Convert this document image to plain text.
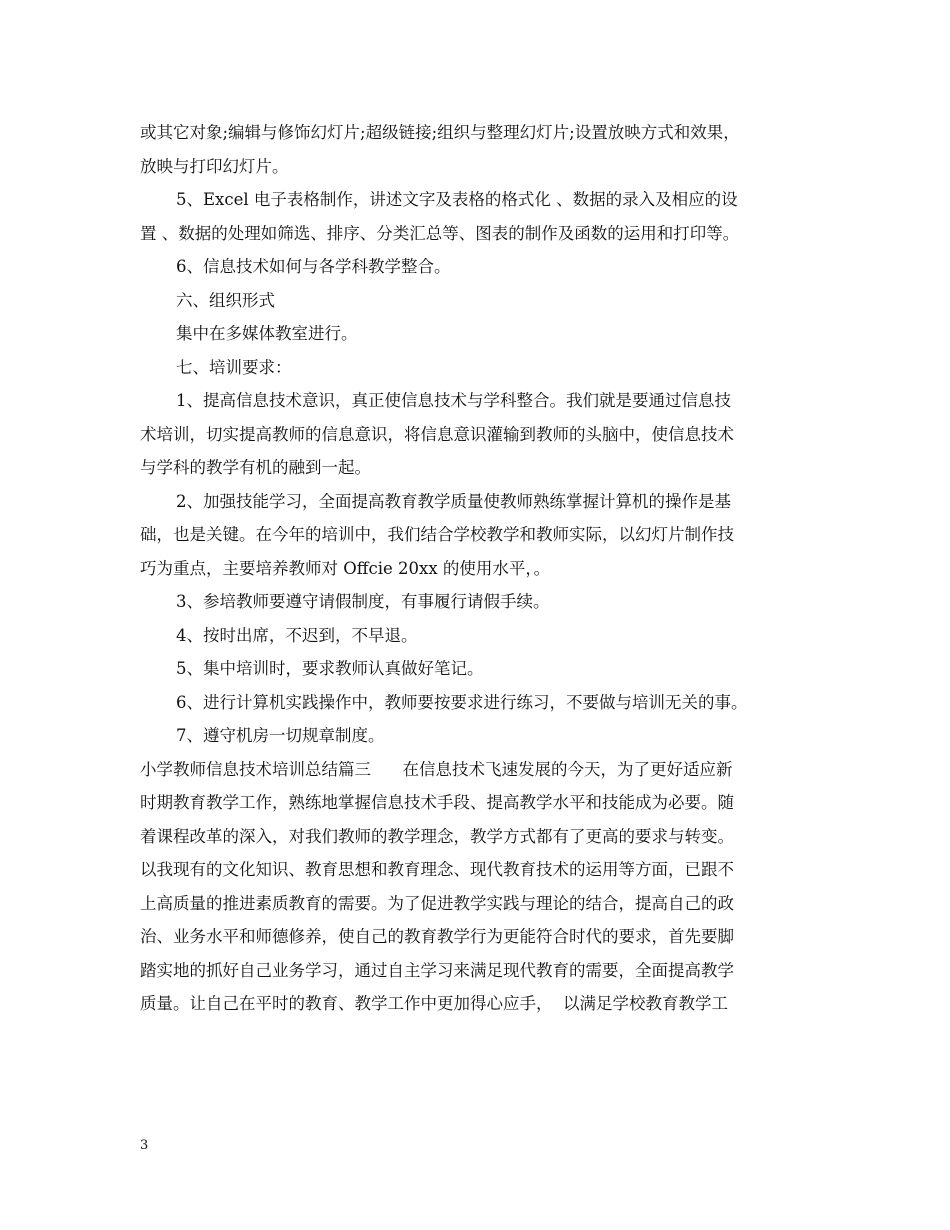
或其它对象;编辑与修饰幻灯片;超级链接;组织与整理幻灯片;设置放映方式和效果，
放映与打印幻灯片。
5、Excel 电子表格制作，讲述文字及表格的格式化 、数据的录入及相应的设
置 、数据的处理如筛选、排序、分类汇总等、图表的制作及函数的运用和打印等。
6、信息技术如何与各学科教学整合。
六、组织形式
集中在多媒体教室进行。
七、培训要求：
1、提高信息技术意识，真正使信息技术与学科整合。我们就是要通过信息技
术培训，切实提高教师的信息意识，将信息意识灌输到教师的头脑中，使信息技术
与学科的教学有机的融到一起。
2、加强技能学习，全面提高教育教学质量使教师熟练掌握计算机的操作是基
础，也是关键。在今年的培训中，我们结合学校教学和教师实际，以幻灯片制作技
巧为重点，主要培养教师对 Offcie 20xx 的使用水平，。
3、参培教师要遵守请假制度，有事履行请假手续。
4、按时出席，不迟到，不早退。
5、集中培训时，要求教师认真做好笔记。
6、进行计算机实践操作中，教师要按要求进行练习，不要做与培训无关的事。
7、遵守机房一切规章制度。
小学教师信息技术培训总结篇三      在信息技术飞速发展的今天，为了更好适应新
时期教育教学工作，熟练地掌握信息技术手段、提高教学水平和技能成为必要。随
着课程改革的深入，对我们教师的教学理念，教学方式都有了更高的要求与转变。
以我现有的文化知识、教育思想和教育理念、现代教育技术的运用等方面，已跟不
上高质量的推进素质教育的需要。为了促进教学实践与理论的结合，提高自己的政
治、业务水平和师德修养，使自己的教育教学行为更能符合时代的要求，首先要脚
踏实地的抓好自己业务学习，通过自主学习来满足现代教育的需要，全面提高教学
质量。让自己在平时的教育、教学工作中更加得心应手，  以满足学校教育教学工
3
